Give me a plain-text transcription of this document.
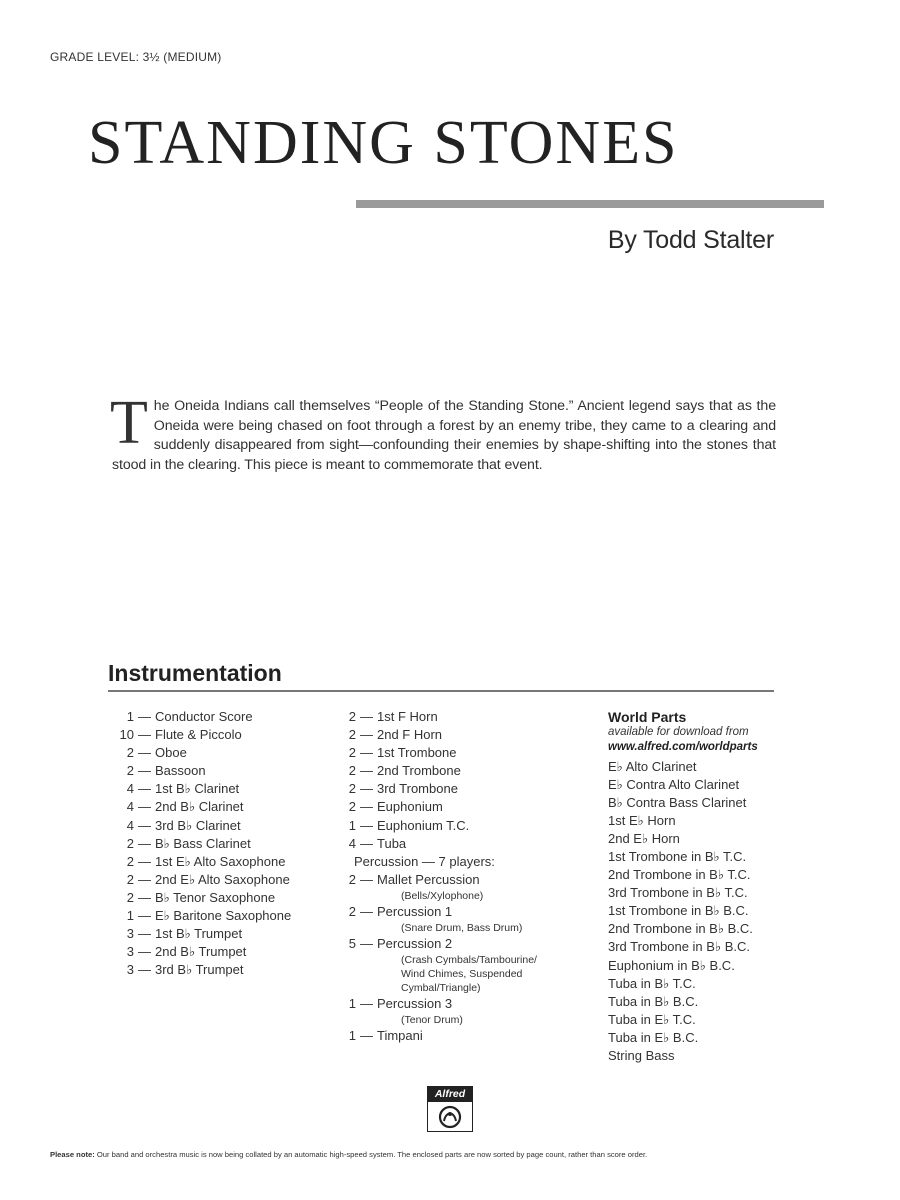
GRADE LEVEL: 3½ (MEDIUM)
STANDING STONES
By Todd Stalter
T he Oneida Indians call themselves “People of the Standing Stone.” Ancient legend says that as the Oneida were being chased on foot through a forest by an enemy tribe, they came to a clearing and suddenly disappeared from sight—confounding their enemies by shape-shifting into the stones that stood in the clearing. This piece is meant to commemorate that event.
Instrumentation
1 — Conductor Score
10 — Flute & Piccolo
2 — Oboe
2 — Bassoon
4 — 1st B♭ Clarinet
4 — 2nd B♭ Clarinet
4 — 3rd B♭ Clarinet
2 — B♭ Bass Clarinet
2 — 1st E♭ Alto Saxophone
2 — 2nd E♭ Alto Saxophone
2 — B♭ Tenor Saxophone
1 — E♭ Baritone Saxophone
3 — 1st B♭ Trumpet
3 — 2nd B♭ Trumpet
3 — 3rd B♭ Trumpet
2 — 1st F Horn
2 — 2nd F Horn
2 — 1st Trombone
2 — 2nd Trombone
2 — 3rd Trombone
2 — Euphonium
1 — Euphonium T.C.
4 — Tuba
Percussion — 7 players:
2 — Mallet Percussion
(Bells/Xylophone)
2 — Percussion 1
(Snare Drum, Bass Drum)
5 — Percussion 2
(Crash Cymbals/Tambourine/
Wind Chimes, Suspended
Cymbal/Triangle)
1 — Percussion 3
(Tenor Drum)
1 — Timpani
World Parts
available for download from
www.alfred.com/worldparts
E♭ Alto Clarinet
E♭ Contra Alto Clarinet
B♭ Contra Bass Clarinet
1st E♭ Horn
2nd E♭ Horn
1st Trombone in B♭ T.C.
2nd Trombone in B♭ T.C.
3rd Trombone in B♭ T.C.
1st Trombone in B♭ B.C.
2nd Trombone in B♭ B.C.
3rd Trombone in B♭ B.C.
Euphonium in B♭ B.C.
Tuba in B♭ T.C.
Tuba in B♭ B.C.
Tuba in E♭ T.C.
Tuba in E♭ B.C.
String Bass
Alfred
Please note: Our band and orchestra music is now being collated by an automatic high-speed system. The enclosed parts are now sorted by page count, rather than score order.
